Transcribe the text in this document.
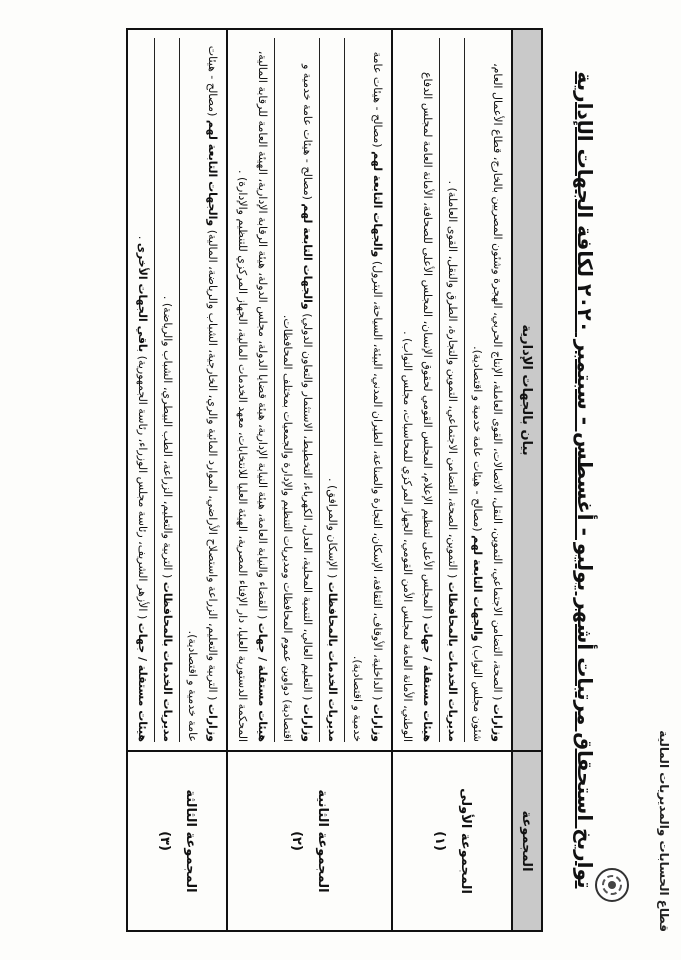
قطاع الحسابات والمديريات المالية
تواريخ استحقاق مرتبات أشهر يوليو - أغسطس - سبتمبر ٢٠٢٠ لكافة الجهات الإدارية
المجموعة	بيان بالجهات الإدارية
المجموعة الأولى
(١)	وزارات ( الصحة، التضامن الاجتماعي، التموين، النقل، الاتصالات، القوى العاملة، الإنتاج الحربي، الهجرة وشئون المصريين بالخارج، قطاع الأعمال العام، شئون مجلس النواب) والجهات التابعة لهم (مصالح - هيئات عامة خدمية و اقتصادية).
مديريات الخدمات بالمحافظات ( التموين، الصحة، التضامن الاجتماعي، التموين والتجارة، الطرق والنقل، القوى العاملة) .
هيئات مستقلة / جهات ( المجلس الأعلى لتنظيم الإعلام، المجلس القومي لحقوق الإنسان، المجلس الأعلى للصحافة، الأمانة العامة لمجلس الدفاع الوطني، الأمانة العامة لمجلس الأمن القومي، الجهاز المركزي للمحاسبات، مجلس النواب) .

المجموعة الثانية
(٢)	وزارات ( الداخلية، الأوقاف، الثقافة، الإسكان، التجارة والصناعة، الطيران المدني، البيئة، السياحة، البترول) والجهات التابعة لهم (مصالح - هيئات عامة خدمية و اقتصادية).
مديريات الخدمات بالمحافظات ( الإسكان والمرافق) .
وزارات ( التعليم العالي، التنمية المحلية، العدل، الكهرباء، التخطيط، الاستثمار والتعاون الدولي) والجهات التابعة لهم (مصالح - هيئات عامة خدمية و اقتصادية) دواوين عموم المحافظات ومديريات التنظيم والإدارة والجمعيات بمختلف المحافظات.
هيئات مستقلة / جهات ( القضاء والنيابة العامة، هيئة النيابة الإدارية، هيئة قضايا الدولة، مجلس الدولة، هيئة الرقابة الإدارية، الهيئة العامة للرقابة المالية، المحكمة الدستورية العليا، دار الإفتاء المصرية، الهيئة العليا للانتخابات، معهد الخدمات المالية، الجهاز المركزي للتنظيم والإدارة) .

المجموعة الثالثة
(٣)	وزارات ( التربية والتعليم، الزراعة واستصلاح الأراضي، الموارد المائية والري، الخارجية، الشباب والرياضة، المالية) والجهات التابعة لهم (مصالح - هيئات عامة خدمية و اقتصادية).
مديريات الخدمات بالمحافظات ( التربية والتعليم، الزراعة، الطب البيطري، الشباب والرياضة) .
هيئات مستقلة / جهات ( الأزهر الشريف، رئاسة مجلس الوزراء، رئاسة الجمهورية) باقي الجهات الأخرى .
